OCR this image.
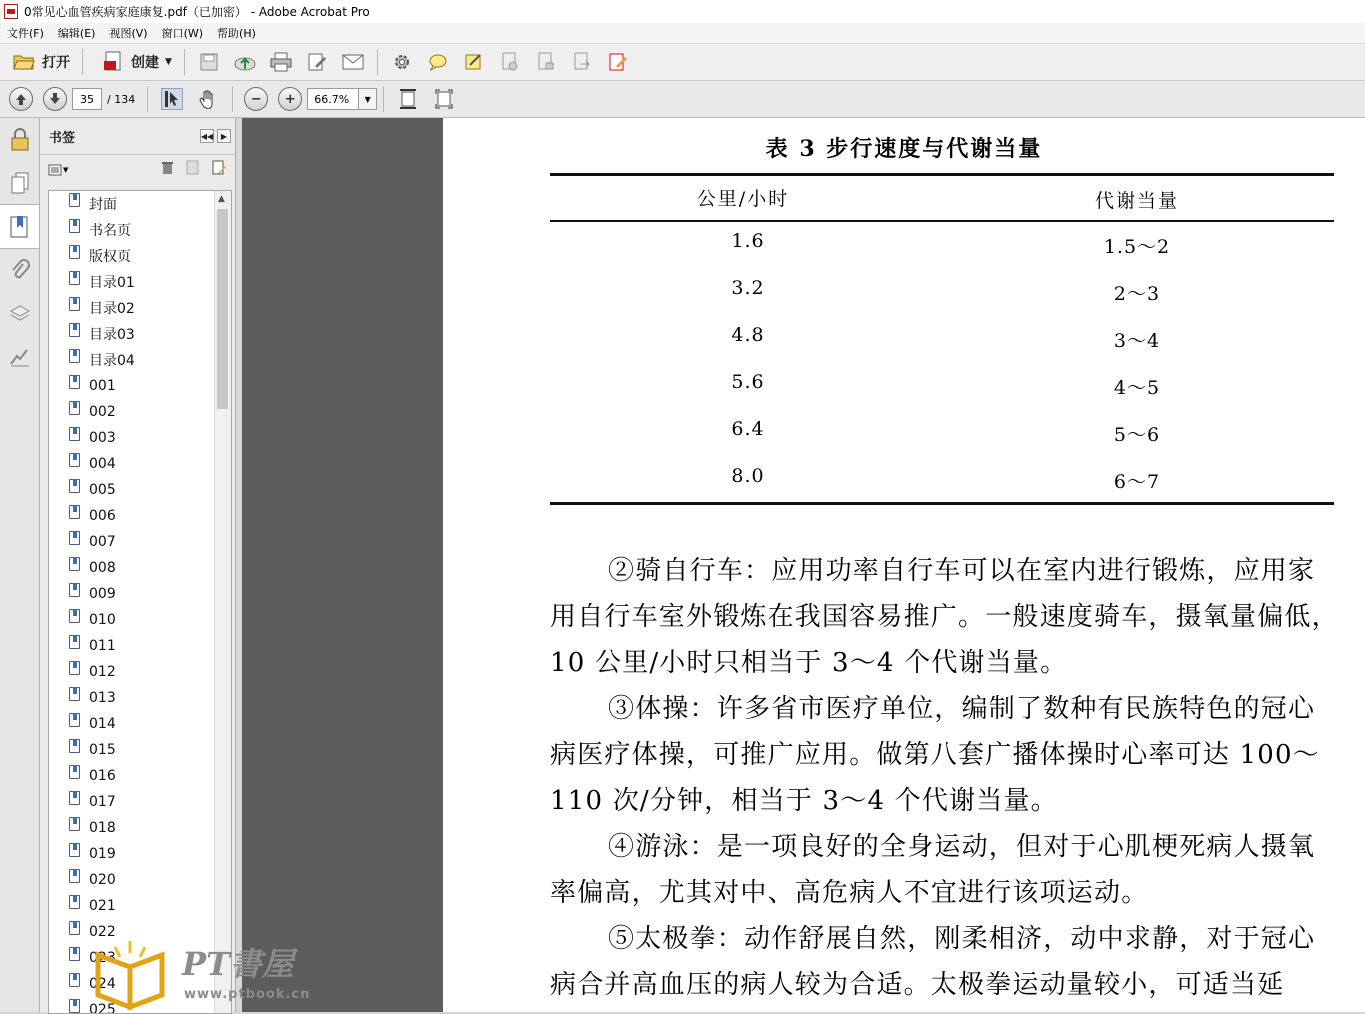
0常见心血管疾病家庭康复.pdf（已加密） - Adobe Acrobat Pro
文件(F)	编辑(E)	视图(V)	窗口(W)	帮助(H)
打开	创建 ▼
35	/ 134	− +	66.7%	▼
书签	◀◀ ▶
▼
封面
书名页
版权页
目录01
目录02
目录03
目录04
001
002
003
004
005
006
007
008
009
010
011
012
013
014
015
016
017
018
019
020
021
022
023
024
025
▲
表 3 步行速度与代谢当量
公里/小时	代谢当量
1.6	1.5～2
3.2	2～3
4.8	3～4
5.6	4～5
6.4	5～6
8.0	6～7

②骑自行车：应用功率自行车可以在室内进行锻炼，应用家用自行车室外锻炼在我国容易推广。一般速度骑车，摄氧量偏低，10 公里/小时只相当于 3～4 个代谢当量。

③体操：许多省市医疗单位，编制了数种有民族特色的冠心病医疗体操，可推广应用。做第八套广播体操时心率可达 100～110 次/分钟，相当于 3～4 个代谢当量。

④游泳：是一项良好的全身运动，但对于心肌梗死病人摄氧率偏高，尤其对中、高危病人不宜进行该项运动。

⑤太极拳：动作舒展自然，刚柔相济，动中求静，对于冠心病合并高血压的病人较为合适。太极拳运动量较小，可适当延

PT書屋
www.ptbook.cn
